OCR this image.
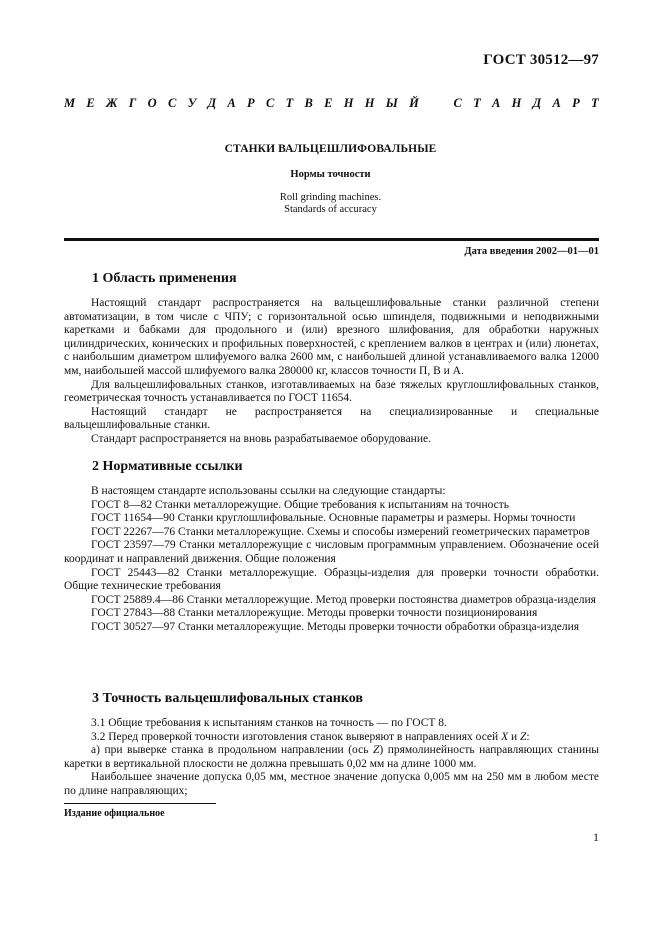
ГОСТ 30512—97
М Е Ж Г О С У Д А Р С Т В Е Н Н Ы Й	С Т А Н Д А Р Т
СТАНКИ ВАЛЬЦЕШЛИФОВАЛЬНЫЕ
Нормы точности
Roll grinding machines.
Standards of accuracy
Дата введения 2002—01—01
1 Область применения

Настоящий стандарт распространяется на вальцешлифовальные станки различной степени автоматизации, в том числе с ЧПУ; с горизонтальной осью шпинделя, подвижными и неподвижными каретками и бабками для продольного и (или) врезного шлифования, для обработки наружных цилиндрических, конических и профильных поверхностей, с креплением валков в центрах и (или) люнетах, с наибольшим диаметром шлифуемого валка 2600 мм, с наибольшей длиной устанавливаемого валка 12000 мм, наибольшей массой шлифуемого валка 280000 кг, классов точности П, В и А.

Для вальцешлифовальных станков, изготавливаемых на базе тяжелых круглошлифовальных станков, геометрическая точность устанавливается по ГОСТ 11654.

Настоящий стандарт не распространяется на специализированные и специальные вальцешлифовальные станки.

Стандарт распространяется на вновь разрабатываемое оборудование.

2 Нормативные ссылки

В настоящем стандарте использованы ссылки на следующие стандарты:

ГОСТ 8—82 Станки металлорежущие. Общие требования к испытаниям на точность

ГОСТ 11654—90 Станки круглошлифовальные. Основные параметры и размеры. Нормы точности

ГОСТ 22267—76 Станки металлорежущие. Схемы и способы измерений геометрических параметров

ГОСТ 23597—79 Станки металлорежущие с числовым программным управлением. Обозначение осей координат и направлений движения. Общие положения

ГОСТ 25443—82 Станки металлорежущие. Образцы-изделия для проверки точности обработки. Общие технические требования

ГОСТ 25889.4—86 Станки металлорежущие. Метод проверки постоянства диаметров образца-изделия

ГОСТ 27843—88 Станки металлорежущие. Методы проверки точности позиционирования

ГОСТ 30527—97 Станки металлорежущие. Методы проверки точности обработки образца-изделия

3 Точность вальцешлифовальных станков

3.1 Общие требования к испытаниям станков на точность — по ГОСТ 8.

3.2 Перед проверкой точности изготовления станок выверяют в направлениях осей X и Z:

а) при выверке станка в продольном направлении (ось Z) прямолинейность направляющих станины каретки в вертикальной плоскости не должна превышать 0,02 мм на длине 1000 мм.

Наибольшее значение допуска 0,05 мм, местное значение допуска 0,005 мм на 250 мм в любом месте по длине направляющих;

Издание официальное
1
